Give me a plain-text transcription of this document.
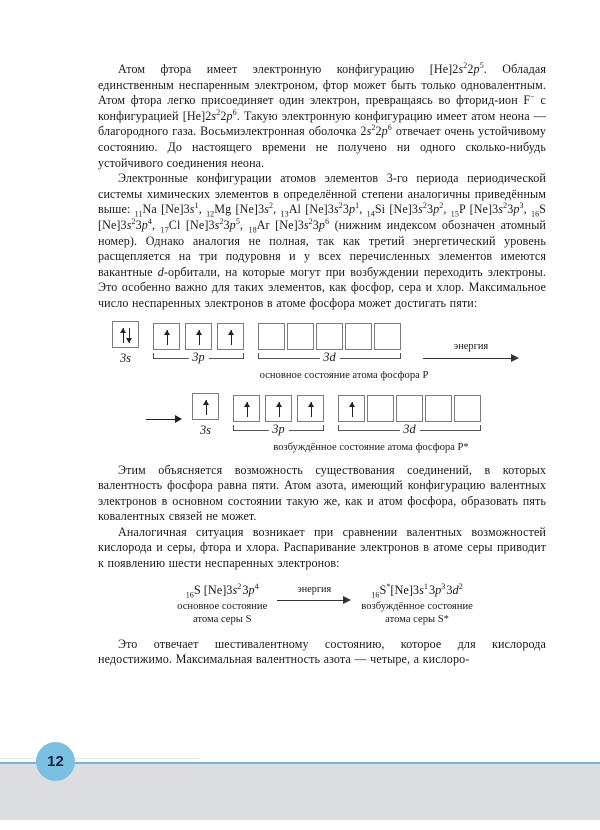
Атом фтора имеет электронную конфигурацию $[He]2s^22p^5$. Обладая единственным неспаренным электроном, фтор может быть только одновалентным. Атом фтора легко присоединяет один электрон, превращаясь во фторид-ион F− с конфигурацией $[He]2s^22p^6$. Такую электронную конфигурацию имеет атом неона — благородного газа. Восьмиэлектронная оболочка $2s^22p^6$ отвечает очень устойчивому состоянию. До настоящего времени не получено ни одного сколько-нибудь устойчивого соединения неона.

Электронные конфигурации атомов элементов 3-го периода периодической системы химических элементов в определённой степени аналогичны приведённым выше: $_{11}$Na $[Ne]3s^1$, $_{12}$Mg $[Ne]3s^2$, $_{13}$Al $[Ne]3s^23p^1$, $_{14}$Si $[Ne]3s^23p^2$, $_{15}$P $[Ne]3s^23p^3$, $_{16}$S $[Ne]3s^23p^4$, $_{17}$Cl $[Ne]3s^23p^5$, $_{18}$Ar $[Ne]3s^23p^6$ (нижним индексом обозначен атомный номер). Однако аналогия не полная, так как третий энергетический уровень расщепляется на три подуровня и у всех перечисленных элементов имеются вакантные d-орбитали, на которые могут при возбуждении переходить электроны. Это особенно важно для таких элементов, как фосфор, сера и хлор. Максимальное число неспаренных электронов в атоме фосфора может достигать пяти:

3s	3p	3d
энергия
основное состояние атома фосфора Р
3s	3p	3d
возбуждённое состояние атома фосфора Р*

Этим объясняется возможность существования соединений, в которых валентность фосфора равна пяти. Атом азота, имеющий конфигурацию валентных электронов в основном состоянии такую же, как и атом фосфора, образовать пять ковалентных связей не может.

Аналогичная ситуация возникает при сравнении валентных возможностей кислорода и серы, фтора и хлора. Распаривание электронов в атоме серы приводит к появлению шести неспаренных электронов:

$_{16}$S $[Ne]3s^2$ $3p^4$
основное состояние
атома серы S
энергия	$_{16}S^*[Ne]3s^1$ $3p^3$ $3d^2$
возбуждённое состояние
атома серы S*

Это отвечает шестивалентному состоянию, которое для кислорода недостижимо. Максимальная валентность азота — четыре, а кислоро-

12
